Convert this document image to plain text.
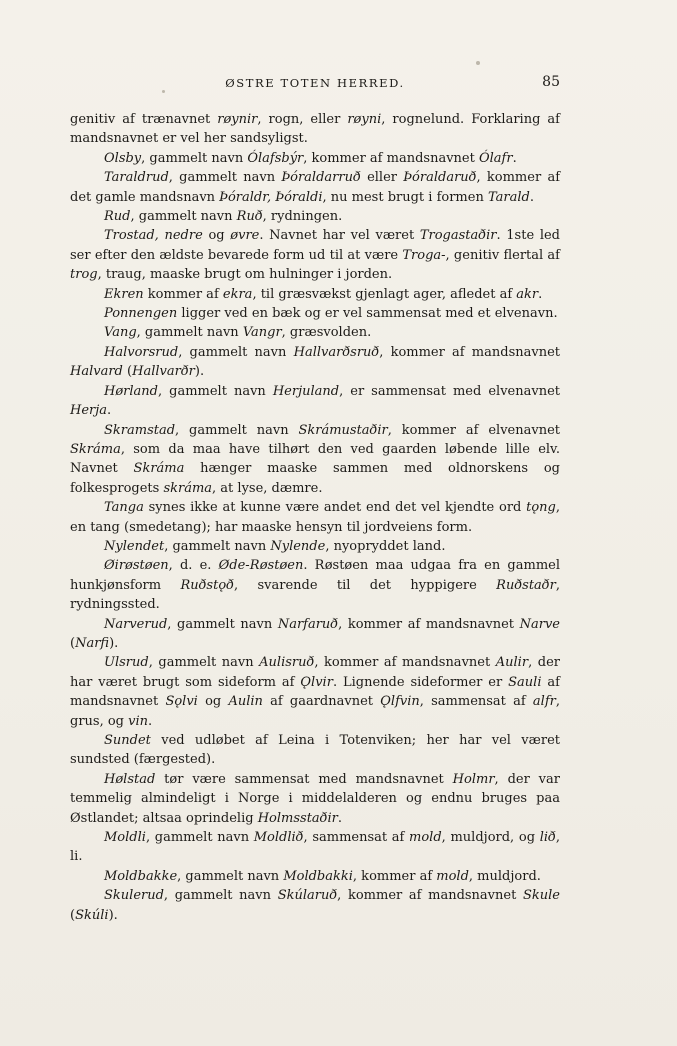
ØSTRE TOTEN HERRED.	85

genitiv af trænavnet røynir, rogn, eller røyni, rognelund. Forklaring af mandsnavnet er vel her sandsyligst.

Olsby, gammelt navn Ólafsbýr, kommer af mandsnavnet Ólafr.

Taraldrud, gammelt navn Þóraldarruð eller Þóraldaruð, kommer af det gamle mandsnavn Þóraldr, Þóraldi, nu mest brugt i formen Tarald.

Rud, gammelt navn Ruð, rydningen.

Trostad, nedre og øvre. Navnet har vel været Trogastaðir. 1ste led ser efter den ældste bevarede form ud til at være Troga-, genitiv flertal af trog, traug, maaske brugt om hulninger i jorden.

Ekren kommer af ekra, til græsvækst gjenlagt ager, afledet af akr.

Ponnengen ligger ved en bæk og er vel sammensat med et elvenavn.

Vang, gammelt navn Vangr, græsvolden.

Halvorsrud, gammelt navn Hallvarðsruð, kommer af mandsnavnet Halvard (Hallvarðr).

Hørland, gammelt navn Herjuland, er sammensat med elvenavnet Herja.

Skramstad, gammelt navn Skrámustaðir, kommer af elvenavnet Skráma, som da maa have tilhørt den ved gaarden løbende lille elv. Navnet Skráma hænger maaske sammen med oldnorskens og folkesprogets skráma, at lyse, dæmre.

Tanga synes ikke at kunne være andet end det vel kjendte ord tǫng, en tang (smedetang); har maaske hensyn til jordveiens form.

Nylendet, gammelt navn Nylende, nyopryddet land.

Øirøstøen, d. e. Øde-Røstøen. Røstøen maa udgaa fra en gammel hunkjønsform Ruðstǫð, svarende til det hyppigere Ruðstaðr, rydningssted.

Narverud, gammelt navn Narfaruð, kommer af mandsnavnet Narve (Narfi).

Ulsrud, gammelt navn Aulisruð, kommer af mandsnavnet Aulir, der har været brugt som sideform af Ǫlvir. Lignende sideformer er Sauli af mandsnavnet Sǫlvi og Aulin af gaardnavnet Ǫlfvin, sammensat af alfr, grus, og vin.

Sundet ved udløbet af Leina i Totenviken; her har vel været sundsted (færgested).

Hølstad tør være sammensat med mandsnavnet Holmr, der var temmelig almindeligt i Norge i middelalderen og endnu bruges paa Østlandet; altsaa oprindelig Holmsstaðir.

Moldli, gammelt navn Moldlið, sammensat af mold, muldjord, og lið, li.

Moldbakke, gammelt navn Moldbakki, kommer af mold, muldjord.

Skulerud, gammelt navn Skúlaruð, kommer af mandsnavnet Skule (Skúli).
